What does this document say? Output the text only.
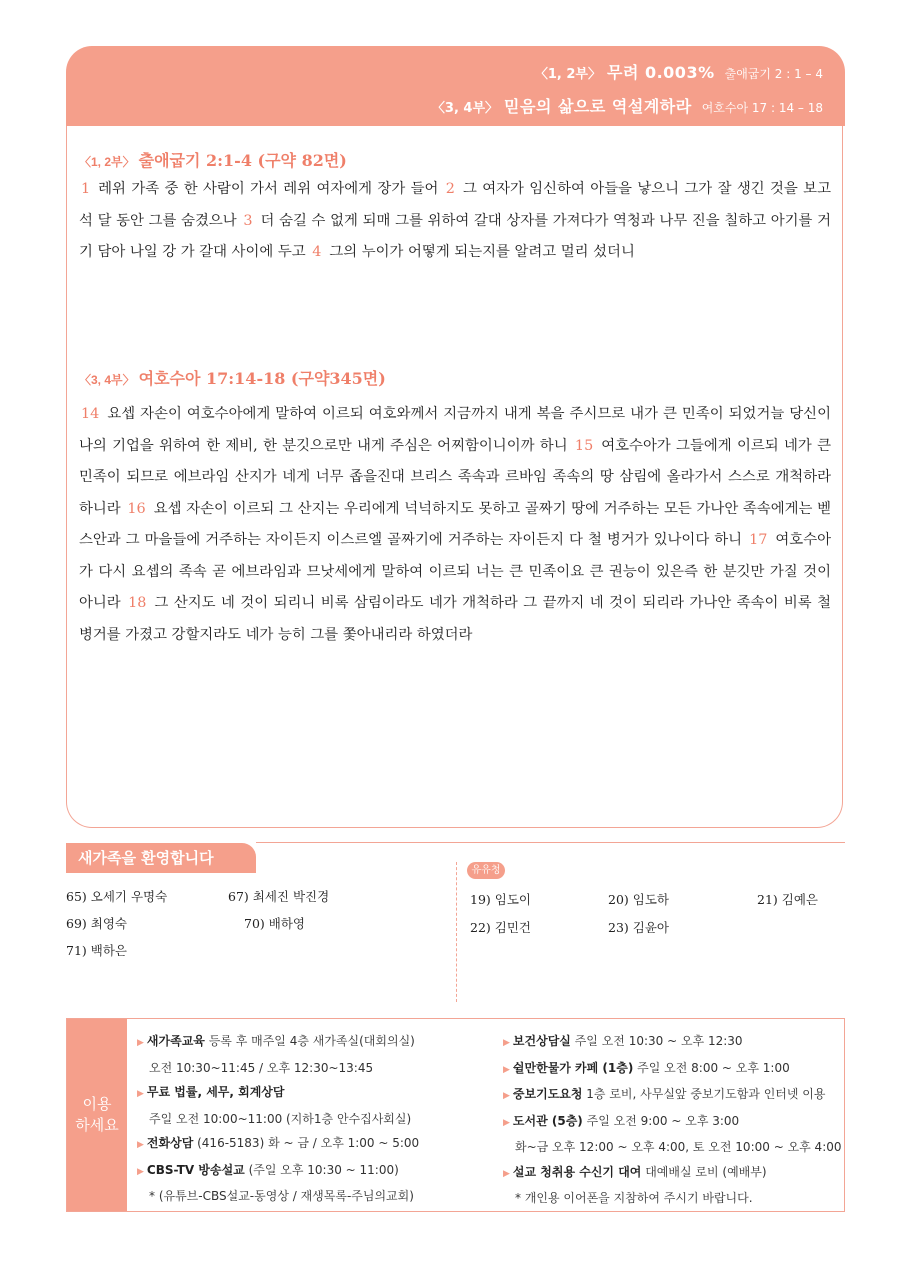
〈1, 2부〉 무려 0.003% 출애굽기 2 : 1 – 4
〈3, 4부〉 믿음의 삶으로 역설계하라 여호수아 17 : 14 – 18
〈1, 2부〉 출애굽기 2:1-4 (구약 82면)
1 레위 가족 중 한 사람이 가서 레위 여자에게 장가 들어 2 그 여자가 임신하여 아들을 낳으니 그가 잘 생긴 것을 보고 석 달 동안 그를 숨겼으나 3 더 숨길 수 없게 되매 그를 위하여 갈대 상자를 가져다가 역청과 나무 진을 칠하고 아기를 거기 담아 나일 강 가 갈대 사이에 두고 4 그의 누이가 어떻게 되는지를 알려고 멀리 섰더니
〈3, 4부〉 여호수아 17:14-18 (구약345면)
14 요셉 자손이 여호수아에게 말하여 이르되 여호와께서 지금까지 내게 복을 주시므로 내가 큰 민족이 되었거늘 당신이 나의 기업을 위하여 한 제비, 한 분깃으로만 내게 주심은 어찌함이니이까 하니 15 여호수아가 그들에게 이르되 네가 큰 민족이 되므로 에브라임 산지가 네게 너무 좁을진대 브리스 족속과 르바임 족속의 땅 삼림에 올라가서 스스로 개척하라 하니라 16 요셉 자손이 이르되 그 산지는 우리에게 넉넉하지도 못하고 골짜기 땅에 거주하는 모든 가나안 족속에게는 벧 스안과 그 마을들에 거주하는 자이든지 이스르엘 골짜기에 거주하는 자이든지 다 철 병거가 있나이다 하니 17 여호수아가 다시 요셉의 족속 곧 에브라임과 므낫세에게 말하여 이르되 너는 큰 민족이요 큰 권능이 있은즉 한 분깃만 가질 것이 아니라 18 그 산지도 네 것이 되리니 비록 삼림이라도 네가 개척하라 그 끝까지 네 것이 되리라 가나안 족속이 비록 철 병거를 가졌고 강할지라도 네가 능히 그를 쫓아내리라 하였더라
새가족을 환영합니다
65) 오세기 우명숙	67) 최세진 박진경
69) 최영숙	70) 배하영
71) 백하은
유유청
19) 임도이	20) 임도하	21) 김예은
22) 김민건	23) 김윤아
이용
하세요
▶ 새가족교육 등록 후 매주일 4층 새가족실(대회의실)
오전 10:30~11:45 / 오후 12:30~13:45
▶ 무료 법률, 세무, 회계상담
주일 오전 10:00~11:00 (지하1층 안수집사회실)
▶ 전화상담 (416-5183) 화 ~ 금 / 오후 1:00 ~ 5:00
▶ CBS-TV 방송설교 (주일 오후 10:30 ~ 11:00)
* (유튜브-CBS설교-동영상 / 재생목록-주님의교회)
▶ 보건상담실 주일 오전 10:30 ~ 오후 12:30
▶ 쉴만한물가 카페 (1층) 주일 오전 8:00 ~ 오후 1:00
▶ 중보기도요청 1층 로비, 사무실앞 중보기도함과 인터넷 이용
▶ 도서관 (5층) 주일 오전 9:00 ~ 오후 3:00
화~금 오후 12:00 ~ 오후 4:00, 토 오전 10:00 ~ 오후 4:00
▶ 설교 청취용 수신기 대여 대예배실 로비 (예배부)
* 개인용 이어폰을 지참하여 주시기 바랍니다.
